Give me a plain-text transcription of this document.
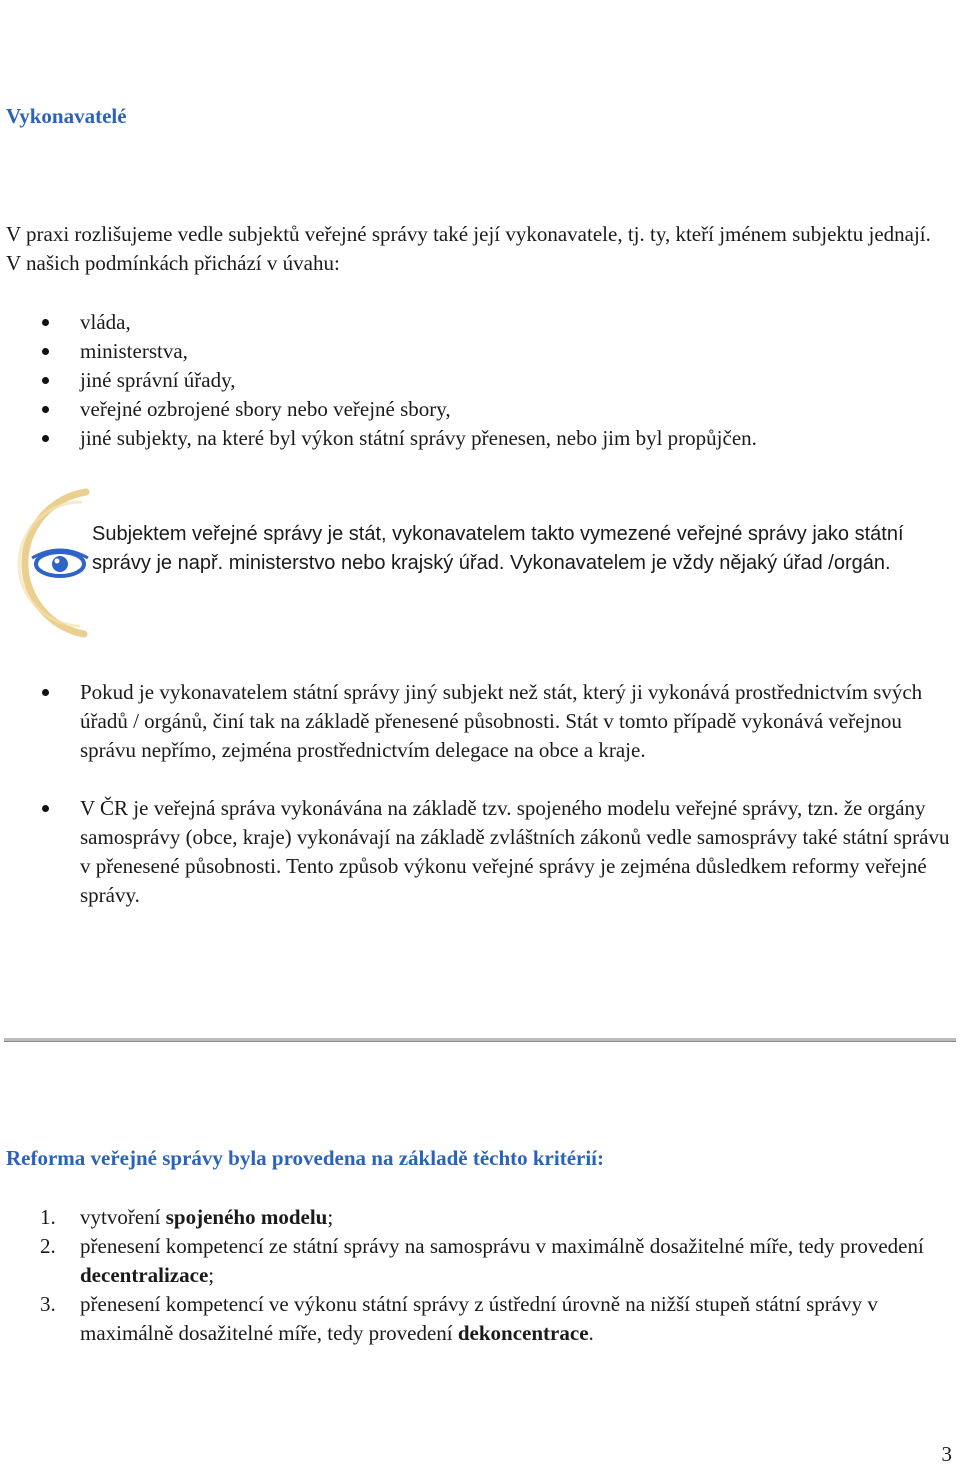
Vykonavatelé
V praxi rozlišujeme vedle subjektů veřejné správy také její vykonavatele, tj. ty, kteří jménem subjektu jednají. V našich podmínkách přichází v úvahu:
vláda,
ministerstva,
jiné správní úřady,
veřejné ozbrojené sbory nebo veřejné sbory,
jiné subjekty, na které byl výkon státní správy přenesen, nebo jim byl propůjčen.
Subjektem veřejné správy je stát, vykonavatelem takto vymezené veřejné správy jako státní správy je např. ministerstvo nebo krajský úřad. Vykonavatelem je vždy nějaký úřad /orgán.
Pokud je vykonavatelem státní správy jiný subjekt než stát, který ji vykonává prostřednictvím svých úřadů / orgánů, činí tak na základě přenesené působnosti. Stát v tomto případě vykonává veřejnou správu nepřímo, zejména prostřednictvím delegace na obce a kraje.
V ČR je veřejná správa vykonávána na základě tzv. spojeného modelu veřejné správy, tzn. že orgány samosprávy (obce, kraje) vykonávají na základě zvláštních zákonů vedle samosprávy také státní správu v přenesené působnosti. Tento způsob výkonu veřejné správy je zejména důsledkem reformy veřejné správy.
Reforma veřejné správy byla provedena na základě těchto kritérií:
1. vytvoření spojeného modelu;
2. přenesení kompetencí ze státní správy na samosprávu v maximálně dosažitelné míře, tedy provedení decentralizace;
3. přenesení kompetencí ve výkonu státní správy z ústřední úrovně na nižší stupeň státní správy v maximálně dosažitelné míře, tedy provedení dekoncentrace.
3
